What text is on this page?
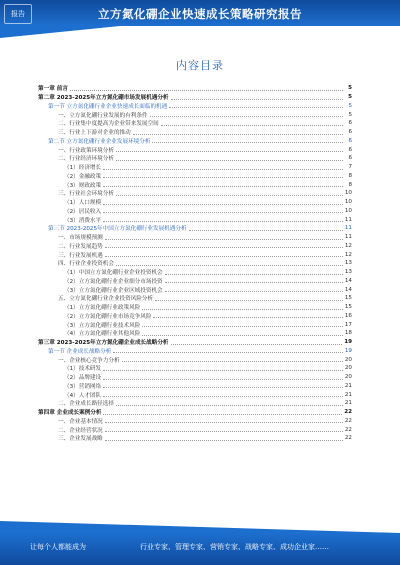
报告	立方氮化硼企业快速成长策略研究报告
内容目录
第一章 前言	5
第二章 2023-2025年立方氮化硼市场发展机遇分析	5
第一节 立方氮化硼行业企业快速成长面临的机遇	5
一、立方氮化硼行业发展的有利条件	5
二、行业集中度提高为企业带来发展空间	6
三、行业上下游对企业的推动	6
第二节 立方氮化硼行业企业发展环境分析	6
一、行业政策环境分析	6
二、行业经济环境分析	6
（1）经济增长	7
（2）金融政策	8
（3）财政政策	8
三、行业社会环境分析	10
（1）人口规模	10
（2）居民收入	10
（3）消费水平	11
第三节 2023-2025年中国立方氮化硼行业发展机遇分析	11
一、市场规模预测	11
二、行业发展趋势	12
三、行业发展机遇	12
四、行业企业投资机会	13
（1）中国立方氮化硼行业企业投资机会	13
（2）立方氮化硼行业企业细分市场投资	14
（3）立方氮化硼行业企业区域投资机会	14
五、立方氮化硼行业企业投资风险分析	15
（1）立方氮化硼行业政策风险	15
（2）立方氮化硼行业市场竞争风险	16
（3）立方氮化硼行业技术风险	17
（4）立方氮化硼行业其他风险	18
第三章 2023-2025年立方氮化硼企业成长战略分析	19
第一节 企业成长战略分析	19
一、企业核心竞争力分析	20
（1）技术研发	20
（2）品牌建设	20
（3）营销网络	21
（4）人才团队	21
二、企业成长路径选择	21
第四章 企业成长案例分析	22
一、企业基本情况	22
二、企业经营状况	22
三、企业发展战略	22
让每个人都能成为	行业专家、管理专家、营销专家、战略专家、成功企业家……
